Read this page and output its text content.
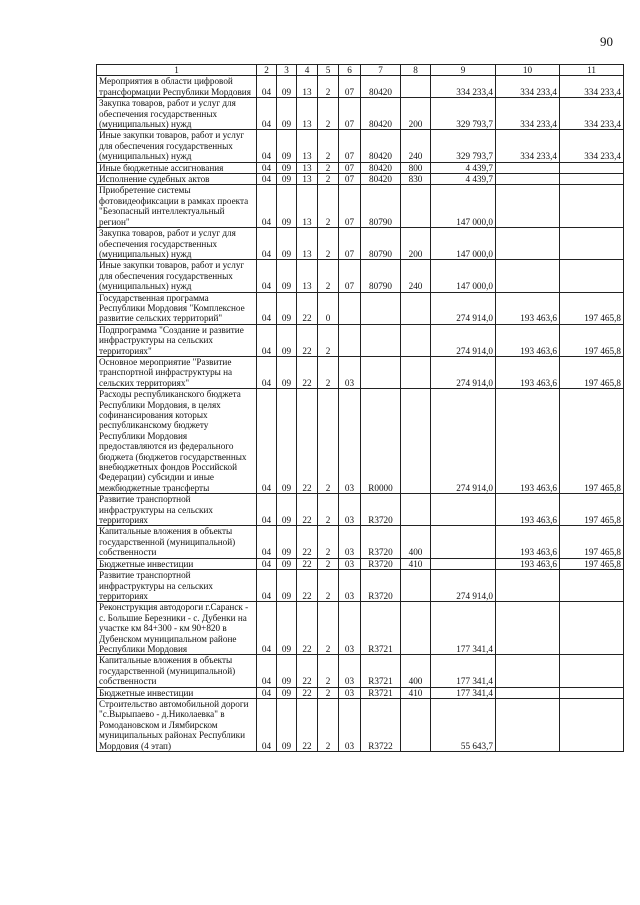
90
1	2	3	4	5	6	7	8	9	10	11
Мероприятия в области цифровой трансформации Республики Мордовия	04	09	13	2	07	80420		334 233,4	334 233,4	334 233,4
Закупка товаров, работ и услуг для обеспечения государственных (муниципальных) нужд	04	09	13	2	07	80420	200	329 793,7	334 233,4	334 233,4
Иные закупки товаров, работ и услуг для обеспечения государственных (муниципальных) нужд	04	09	13	2	07	80420	240	329 793,7	334 233,4	334 233,4
Иные бюджетные ассигнования	04	09	13	2	07	80420	800	4 439,7		
Исполнение судебных актов	04	09	13	2	07	80420	830	4 439,7		
Приобретение системы фотовидеофиксации в рамках проекта "Безопасный интеллектуальный регион"	04	09	13	2	07	80790		147 000,0		
Закупка товаров, работ и услуг для обеспечения государственных (муниципальных) нужд	04	09	13	2	07	80790	200	147 000,0		
Иные закупки товаров, работ и услуг для обеспечения государственных (муниципальных) нужд	04	09	13	2	07	80790	240	147 000,0		
Государственная программа Республики Мордовия "Комплексное развитие сельских территорий"	04	09	22	0				274 914,0	193 463,6	197 465,8
Подпрограмма "Создание и развитие инфраструктуры на сельских территориях"	04	09	22	2				274 914,0	193 463,6	197 465,8
Основное мероприятие "Развитие транспортной инфраструктуры на сельских территориях"	04	09	22	2	03			274 914,0	193 463,6	197 465,8
Расходы республиканского бюджета Республики Мордовия, в целях софинансирования которых республиканскому бюджету Республики Мордовия предоставляются из федерального бюджета (бюджетов государственных внебюджетных фондов Российской Федерации) субсидии и иные межбюджетные трансферты	04	09	22	2	03	R0000		274 914,0	193 463,6	197 465,8
Развитие транспортной инфраструктуры на сельских территориях	04	09	22	2	03	R3720			193 463,6	197 465,8
Капитальные вложения в объекты государственной (муниципальной) собственности	04	09	22	2	03	R3720	400		193 463,6	197 465,8
Бюджетные инвестиции	04	09	22	2	03	R3720	410		193 463,6	197 465,8
Развитие транспортной инфраструктуры на сельских территориях	04	09	22	2	03	R3720		274 914,0		
Реконструкция автодороги г.Саранск - с. Большие Березники - с. Дубенки на участке км 84+300 - км 90+820 в Дубенском муниципальном районе Республики Мордовия	04	09	22	2	03	R3721		177 341,4		
Капитальные вложения в объекты государственной (муниципальной) собственности	04	09	22	2	03	R3721	400	177 341,4		
Бюджетные инвестиции	04	09	22	2	03	R3721	410	177 341,4		
Строительство автомобильной дороги "с.Вырыпаево - д.Николаевка" в Ромодановском и Лямбирском муниципальных районах Республики Мордовия (4 этап)	04	09	22	2	03	R3722		55 643,7		
